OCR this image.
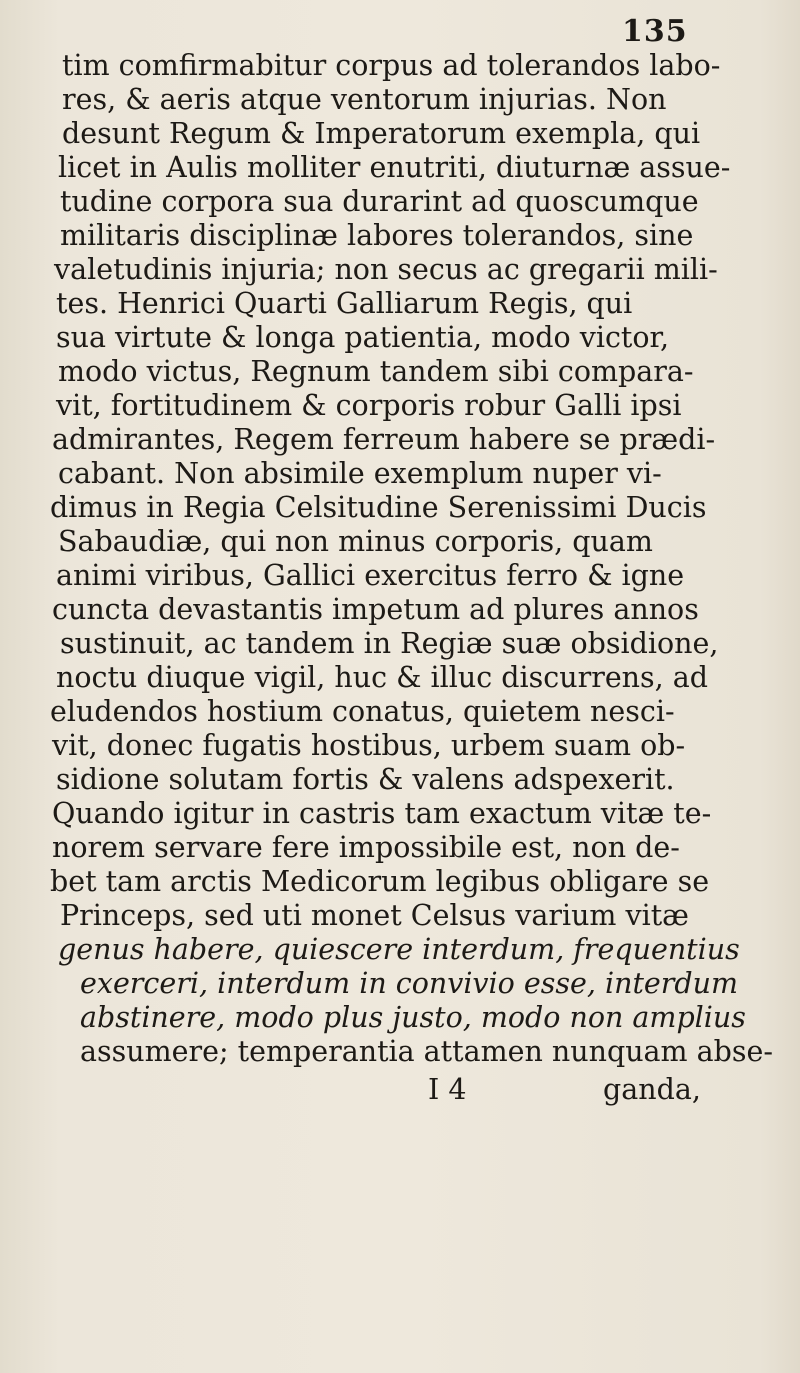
135
tim comfirmabitur corpus ad tolerandos labo-
res, & aeris atque ventorum injurias. Non
desunt Regum & Imperatorum exempla, qui
licet in Aulis molliter enutriti, diuturnæ assue-
tudine corpora sua durarint ad quoscumque
militaris disciplinæ labores tolerandos, sine
valetudinis injuria; non secus ac gregarii mili-
tes. Henrici Quarti Galliarum Regis, qui
sua virtute & longa patientia, modo victor,
modo victus, Regnum tandem sibi compara-
vit, fortitudinem & corporis robur Galli ipsi
admirantes, Regem ferreum habere se prædi-
cabant. Non absimile exemplum nuper vi-
dimus in Regia Celsitudine Serenissimi Ducis
Sabaudiæ, qui non minus corporis, quam
animi viribus, Gallici exercitus ferro & igne
cuncta devastantis impetum ad plures annos
sustinuit, ac tandem in Regiæ suæ obsidione,
noctu diuque vigil, huc & illuc discurrens, ad
eludendos hostium conatus, quietem nesci-
vit, donec fugatis hostibus, urbem suam ob-
sidione solutam fortis & valens adspexerit.
Quando igitur in castris tam exactum vitæ te-
norem servare fere impossibile est, non de-
bet tam arctis Medicorum legibus obligare se
Princeps, sed uti monet Celsus varium vitæ
genus habere, quiescere interdum, frequentius
exerceri, interdum in convivio esse, interdum
abstinere, modo plus justo, modo non amplius
assumere; temperantia attamen nunquam abse-
I 4	ganda,
